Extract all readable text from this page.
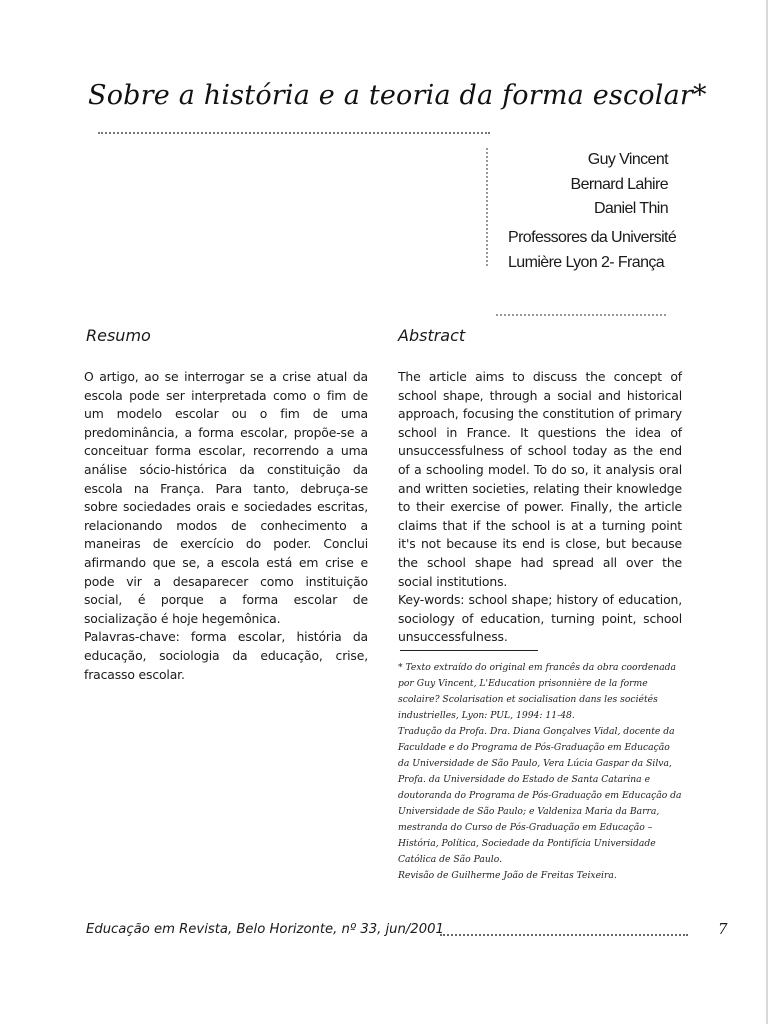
Sobre a história e a teoria da forma escolar*
Guy Vincent
Bernard Lahire
Daniel Thin
Professores da Université
Lumière Lyon 2- França
Resumo	Abstract

O artigo, ao se interrogar se a crise atual da escola pode ser interpretada como o fim de um modelo escolar ou o fim de uma predominância, a forma escolar, propõe-se a conceituar forma escolar, recorrendo a uma análise sócio-histórica da constituição da escola na França. Para tanto, debruça-se sobre sociedades orais e sociedades escritas, relacionando modos de conhecimento a maneiras de exercício do poder. Conclui afirmando que se, a escola está em crise e pode vir a desaparecer como instituição social, é porque a forma escolar de socialização é hoje hegemônica.

Palavras-chave: forma escolar, história da educação, sociologia da educação, crise, fracasso escolar.

The article aims to discuss the concept of school shape, through a social and historical approach, focusing the constitution of primary school in France. It questions the idea of unsuccessfulness of school today as the end of a schooling model. To do so, it analysis oral and written societies, relating their knowledge to their exercise of power. Finally, the article claims that if the school is at a turning point it's not because its end is close, but because the school shape had spread all over the social institutions.

Key-words: school shape; history of education, sociology of education, turning point, school unsuccessfulness.

* Texto extraído do original em francês da obra coordenada por Guy Vincent, L'Education prisonnière de la forme scolaire? Scolarisation et socialisation dans les sociétés industrielles, Lyon: PUL, 1994: 11-48.

Tradução da Profa. Dra. Diana Gonçalves Vidal, docente da Faculdade e do Programa de Pós-Graduação em Educação da Universidade de São Paulo, Vera Lúcia Gaspar da Silva, Profa. da Universidade do Estado de Santa Catarina e doutoranda do Programa de Pós-Graduação em Educação da Universidade de São Paulo; e Valdeniza Maria da Barra, mestranda do Curso de Pós-Graduação em Educação – História, Política, Sociedade da Pontifícia Universidade Católica de São Paulo.

Revisão de Guilherme João de Freitas Teixeira.

Educação em Revista, Belo Horizonte, nº 33, jun/2001	7
